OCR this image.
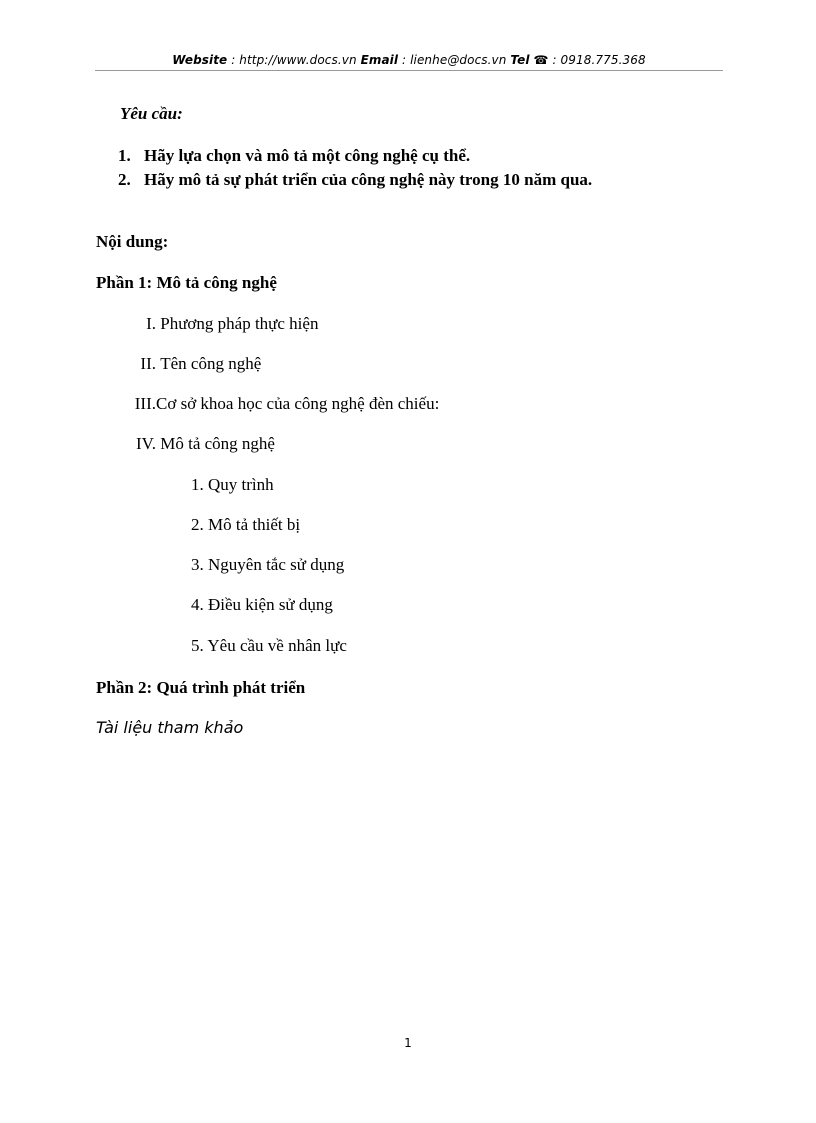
Website : http://www.docs.vn Email : lienhe@docs.vn Tel ☎ : 0918.775.368
Yêu cầu:
1. Hãy lựa chọn và mô tả một công nghệ cụ thể.
2. Hãy mô tả sự phát triển của công nghệ này trong 10 năm qua.
Nội dung:
Phần 1: Mô tả công nghệ
I. Phương pháp thực hiện
II. Tên công nghệ
III.Cơ sở khoa học của công nghệ đèn chiếu:
IV. Mô tả công nghệ
1. Quy trình
2. Mô tả thiết bị
3. Nguyên tắc sử dụng
4. Điều kiện sử dụng
5. Yêu cầu về nhân lực
Phần 2: Quá trình phát triển
Tài liệu tham khảo
1
